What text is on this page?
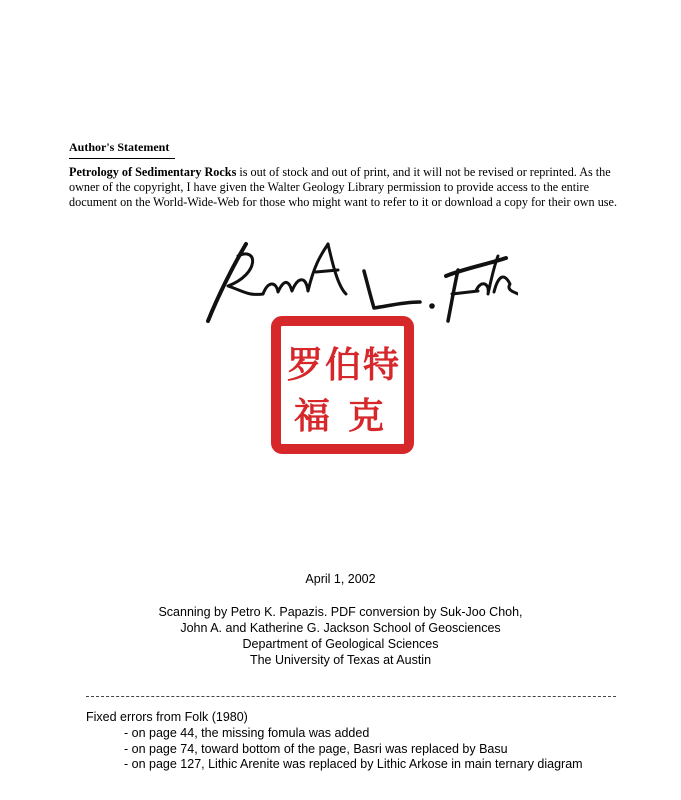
Author's Statement
Petrology of Sedimentary Rocks is out of stock and out of print, and it will not be revised or reprinted. As the owner of the copyright, I have given the Walter Geology Library permission to provide access to the entire document on the World-Wide-Web for those who might want to refer to it or download a copy for their own use.
罗 伯 特
福 克
April 1, 2002
Scanning by Petro K. Papazis. PDF conversion by Suk-Joo Choh,
John A. and Katherine G. Jackson School of Geosciences
Department of Geological Sciences
The University of Texas at Austin
Fixed errors from Folk (1980)
- on page 44, the missing fomula was added
- on page 74, toward bottom of the page, Basri was replaced by Basu
- on page 127, Lithic Arenite was replaced by Lithic Arkose in main ternary diagram
